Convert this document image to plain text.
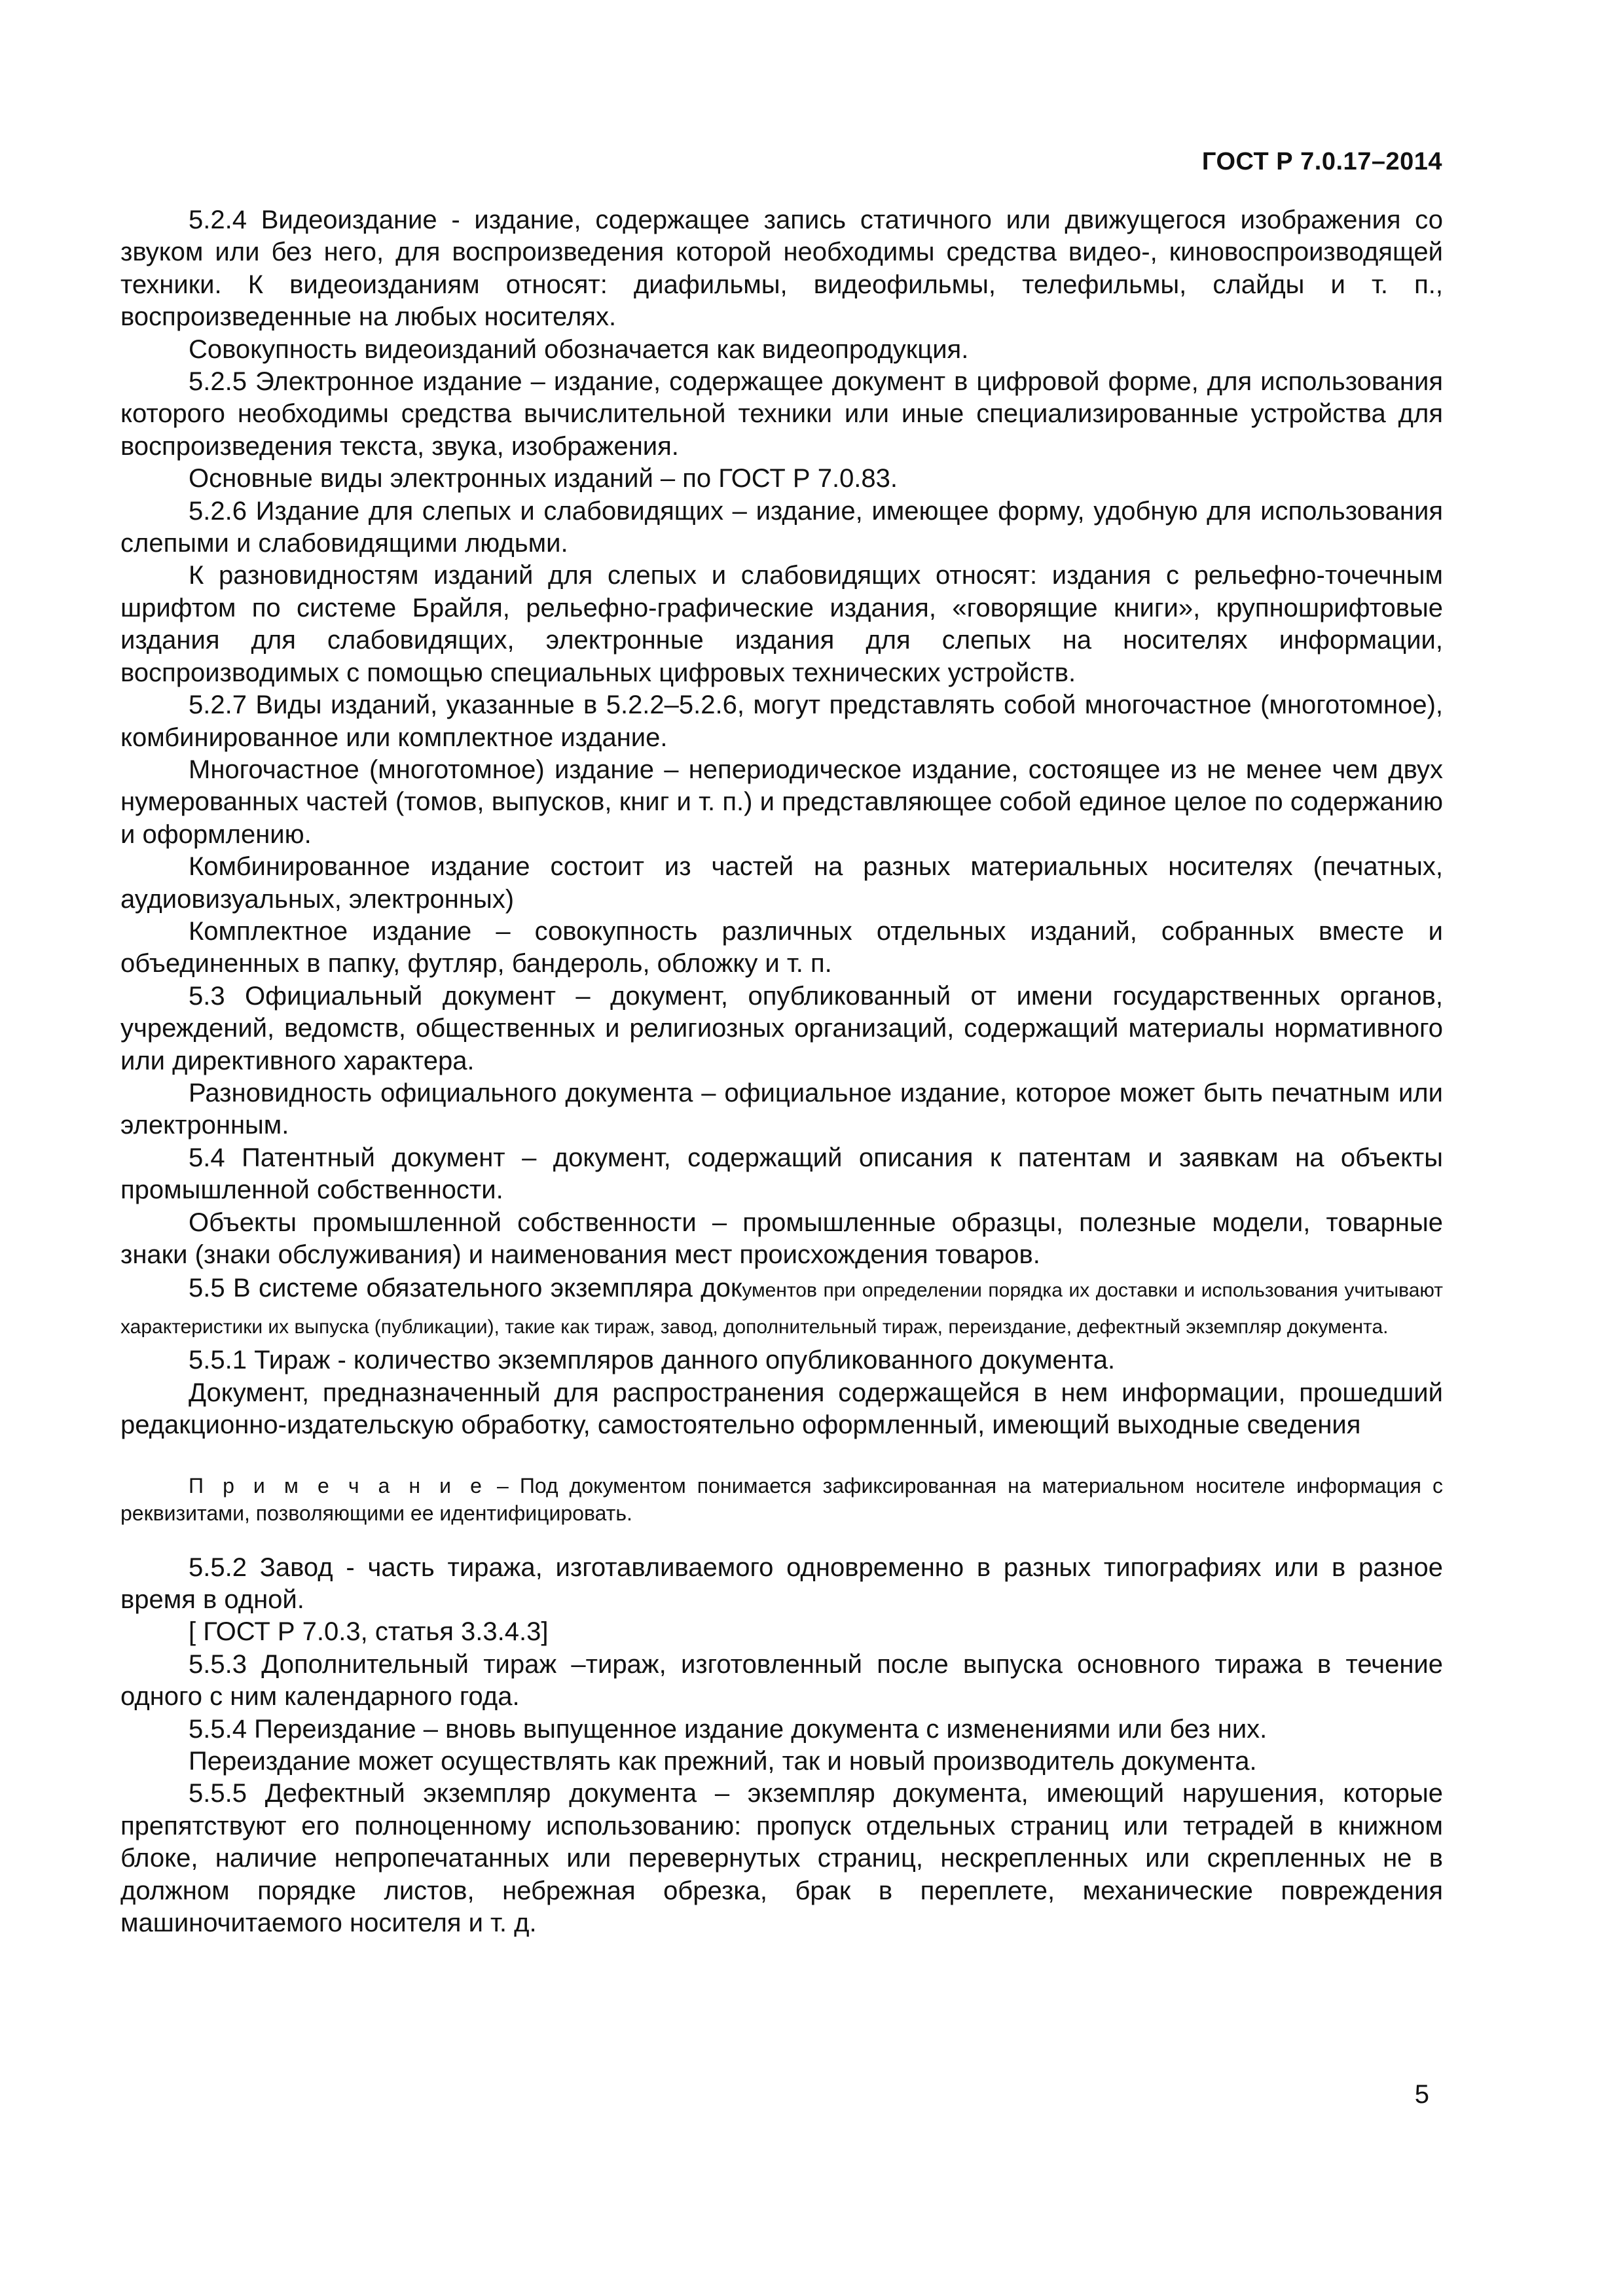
ГОСТ Р 7.0.17–2014

5.2.4 Видеоиздание - издание, содержащее запись статичного или движущегося изображения со звуком или без него, для воспроизведения которой необходимы средства видео-, киновоспроизводящей техники. К видеоизданиям относят: диафильмы, видеофильмы, телефильмы, слайды и т. п., воспроизведенные на любых носителях.

Совокупность видеоизданий обозначается как видеопродукция.

5.2.5 Электронное издание – издание, содержащее документ в цифровой форме, для использования которого необходимы средства вычислительной техники или иные специализированные устройства для воспроизведения текста, звука, изображения.

Основные виды электронных изданий – по ГОСТ Р 7.0.83.

5.2.6 Издание для слепых и слабовидящих – издание, имеющее форму, удобную для использования слепыми и слабовидящими людьми.

К разновидностям изданий для слепых и слабовидящих относят: издания с рельефно-точечным шрифтом по системе Брайля, рельефно-графические издания, «говорящие книги», крупношрифтовые издания для слабовидящих, электронные издания для слепых на носителях информации, воспроизводимых с помощью специальных цифровых технических устройств.

5.2.7 Виды изданий, указанные в 5.2.2–5.2.6, могут представлять собой многочастное (многотомное), комбинированное или комплектное издание.

Многочастное (многотомное) издание – непериодическое издание, состоящее из не менее чем двух нумерованных частей (томов, выпусков, книг и т. п.) и представляющее собой единое целое по содержанию и оформлению.

Комбинированное издание состоит из частей на разных материальных носителях (печатных, аудиовизуальных, электронных)

Комплектное издание – совокупность различных отдельных изданий, собранных вместе и объединенных в папку, футляр, бандероль, обложку и т. п.

5.3 Официальный документ – документ, опубликованный от имени государственных органов, учреждений, ведомств, общественных и религиозных организаций, содержащий материалы нормативного или директивного характера.

Разновидность официального документа – официальное издание, которое может быть печатным или электронным.

5.4 Патентный документ – документ, содержащий описания к патентам и заявкам на объекты промышленной собственности.

Объекты промышленной собственности – промышленные образцы, полезные модели, товарные знаки (знаки обслуживания) и наименования мест происхождения товаров.

5.5 В системе обязательного экземпляра документов при определении порядка их доставки и использования учитывают характеристики их выпуска (публикации), такие как тираж, завод, дополнительный тираж, переиздание, дефектный экземпляр документа.

5.5.1 Тираж - количество экземпляров данного опубликованного документа.

Документ, предназначенный для распространения содержащейся в нем информации, прошедший редакционно-издательскую обработку, самостоятельно оформленный, имеющий выходные сведения

П р и м е ч а н и е – Под документом понимается зафиксированная на материальном носителе информация с реквизитами, позволяющими ее идентифицировать.

5.5.2 Завод - часть тиража, изготавливаемого одновременно в разных типографиях или в разное время в одной.

[ ГОСТ Р 7.0.3, статья 3.3.4.3]

5.5.3 Дополнительный тираж –тираж, изготовленный после выпуска основного тиража в течение одного с ним календарного года.

5.5.4 Переиздание – вновь выпущенное издание документа с изменениями или без них.

Переиздание может осуществлять как прежний, так и новый производитель документа.

5.5.5 Дефектный экземпляр документа – экземпляр документа, имеющий нарушения, которые препятствуют его полноценному использованию: пропуск отдельных страниц или тетрадей в книжном блоке, наличие непропечатанных или перевернутых страниц, нескрепленных или скрепленных не в должном порядке листов, небрежная обрезка, брак в переплете, механические повреждения машиночитаемого носителя и т. д.

5
